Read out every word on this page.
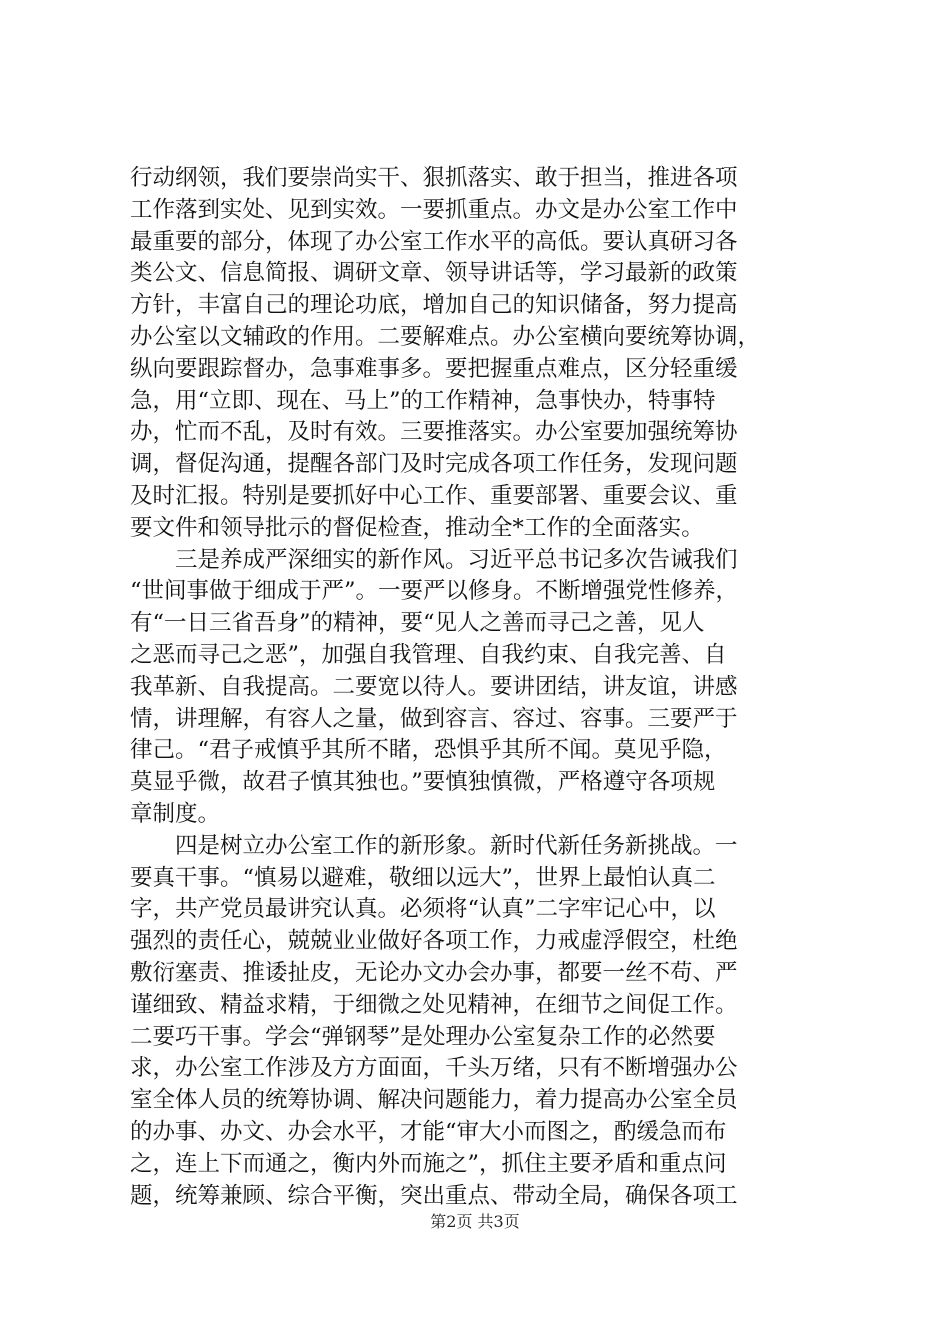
行动纲领，我们要崇尚实干、狠抓落实、敢于担当，推进各项
工作落到实处、见到实效。一要抓重点。办文是办公室工作中
最重要的部分，体现了办公室工作水平的高低。要认真研习各
类公文、信息简报、调研文章、领导讲话等，学习最新的政策
方针，丰富自己的理论功底，增加自己的知识储备，努力提高
办公室以文辅政的作用。二要解难点。办公室横向要统筹协调，
纵向要跟踪督办，急事难事多。要把握重点难点，区分轻重缓
急，用“立即、现在、马上”的工作精神，急事快办，特事特
办，忙而不乱，及时有效。三要推落实。办公室要加强统筹协
调，督促沟通，提醒各部门及时完成各项工作任务，发现问题
及时汇报。特别是要抓好中心工作、重要部署、重要会议、重
要文件和领导批示的督促检查，推动全*工作的全面落实。
　　三是养成严深细实的新作风。习近平总书记多次告诫我们
“世间事做于细成于严”。一要严以修身。不断增强党性修养，
有“一日三省吾身”的精神，要“见人之善而寻己之善，见人
之恶而寻己之恶”，加强自我管理、自我约束、自我完善、自
我革新、自我提高。二要宽以待人。要讲团结，讲友谊，讲感
情，讲理解，有容人之量，做到容言、容过、容事。三要严于
律己。“君子戒慎乎其所不睹，恐惧乎其所不闻。莫见乎隐，
莫显乎微，故君子慎其独也。”要慎独慎微，严格遵守各项规
章制度。
　　四是树立办公室工作的新形象。新时代新任务新挑战。一
要真干事。“慎易以避难，敬细以远大”，世界上最怕认真二
字，共产党员最讲究认真。必须将“认真”二字牢记心中，以
强烈的责任心，兢兢业业做好各项工作，力戒虚浮假空，杜绝
敷衍塞责、推诿扯皮，无论办文办会办事，都要一丝不苟、严
谨细致、精益求精，于细微之处见精神，在细节之间促工作。
二要巧干事。学会“弹钢琴”是处理办公室复杂工作的必然要
求，办公室工作涉及方方面面，千头万绪，只有不断增强办公
室全体人员的统筹协调、解决问题能力，着力提高办公室全员
的办事、办文、办会水平，才能“审大小而图之，酌缓急而布
之，连上下而通之，衡内外而施之”，抓住主要矛盾和重点问
题，统筹兼顾、综合平衡，突出重点、带动全局，确保各项工
第2页 共3页
